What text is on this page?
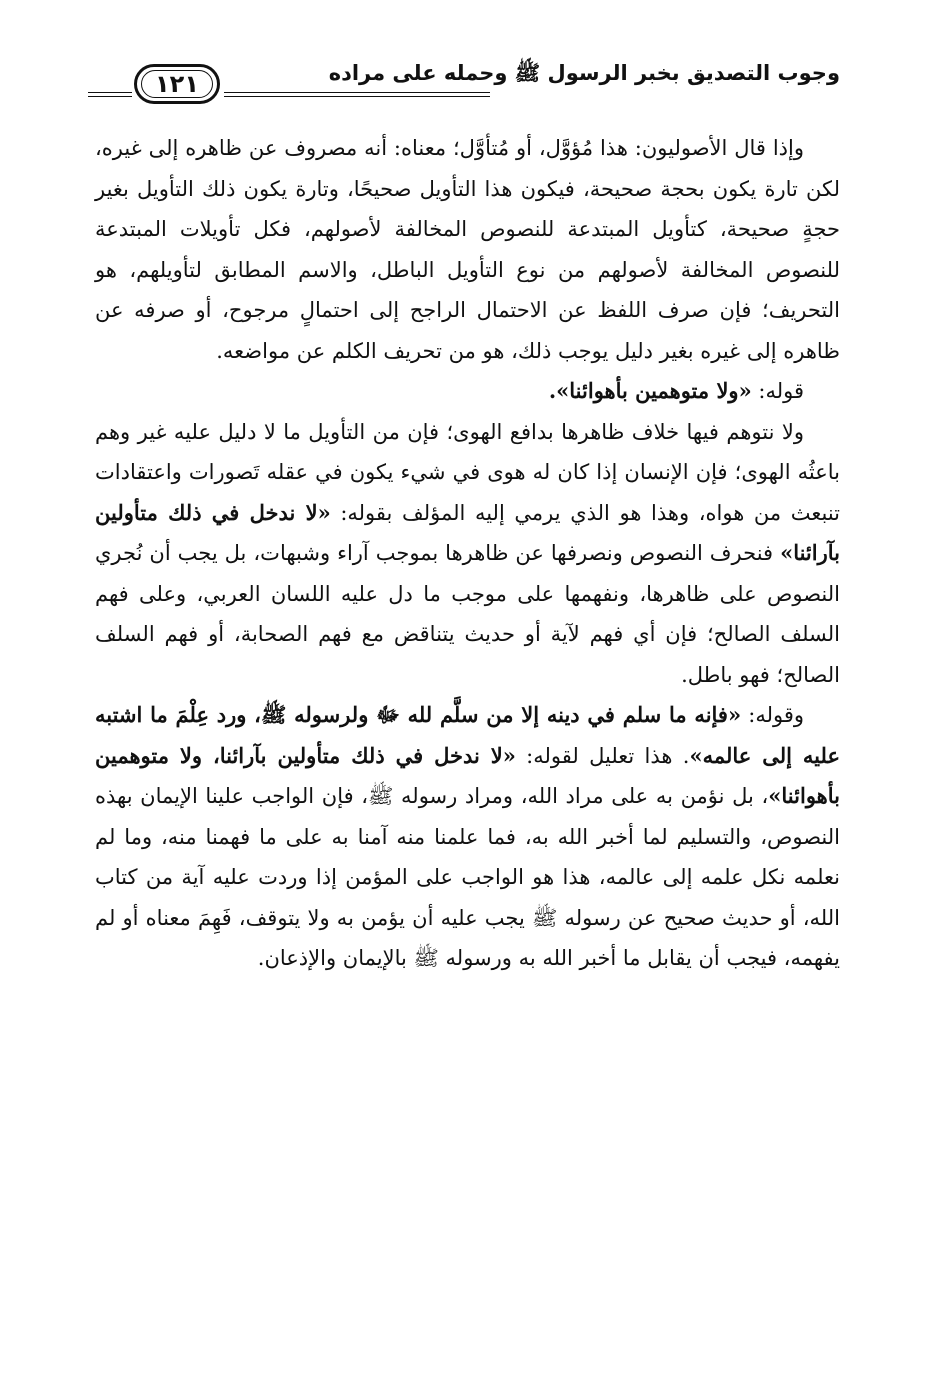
١٢١	وجوب التصديق بخبر الرسول ﷺ وحمله على مراده

وإذا قال الأصوليون: هذا مُؤوَّل، أو مُتأوَّل؛ معناه: أنه مصروف عن ظاهره إلى غيره، لكن تارة يكون بحجة صحيحة، فيكون هذا التأويل صحيحًا، وتارة يكون ذلك التأويل بغير حجةٍ صحيحة، كتأويل المبتدعة للنصوص المخالفة لأصولهم، فكل تأويلات المبتدعة للنصوص المخالفة لأصولهم من نوع التأويل الباطل، والاسم المطابق لتأويلهم، هو التحريف؛ فإن صرف اللفظ عن الاحتمال الراجح إلى احتمالٍ مرجوح، أو صرفه عن ظاهره إلى غيره بغير دليل يوجب ذلك، هو من تحريف الكلم عن مواضعه.

قوله: «ولا متوهمين بأهوائنا».

ولا نتوهم فيها خلاف ظاهرها بدافع الهوى؛ فإن من التأويل ما لا دليل عليه غير وهم باعثُه الهوى؛ فإن الإنسان إذا كان له هوى في شيء يكون في عقله تَصورات واعتقادات تنبعث من هواه، وهذا هو الذي يرمي إليه المؤلف بقوله: «لا ندخل في ذلك متأولين بآرائنا» فنحرف النصوص ونصرفها عن ظاهرها بموجب آراء وشبهات، بل يجب أن نُجري النصوص على ظاهرها، ونفهمها على موجب ما دل عليه اللسان العربي، وعلى فهم السلف الصالح؛ فإن أي فهم لآية أو حديث يتناقض مع فهم الصحابة، أو فهم السلف الصالح؛ فهو باطل.

وقوله: «فإنه ما سلم في دينه إلا من سلَّم لله ﷻ ولرسوله ﷺ، ورد عِلْمَ ما اشتبه عليه إلى عالمه». هذا تعليل لقوله: «لا ندخل في ذلك متأولين بآرائنا، ولا متوهمين بأهوائنا»، بل نؤمن به على مراد الله، ومراد رسوله ﷺ، فإن الواجب علينا الإيمان بهذه النصوص، والتسليم لما أخبر الله به، فما علمنا منه آمنا به على ما فهمنا منه، وما لم نعلمه نكل علمه إلى عالمه، هذا هو الواجب على المؤمن إذا وردت عليه آية من كتاب الله، أو حديث صحيح عن رسوله ﷺ يجب عليه أن يؤمن به ولا يتوقف، فَهِمَ معناه أو لم يفهمه، فيجب أن يقابل ما أخبر الله به ورسوله ﷺ بالإيمان والإذعان.
